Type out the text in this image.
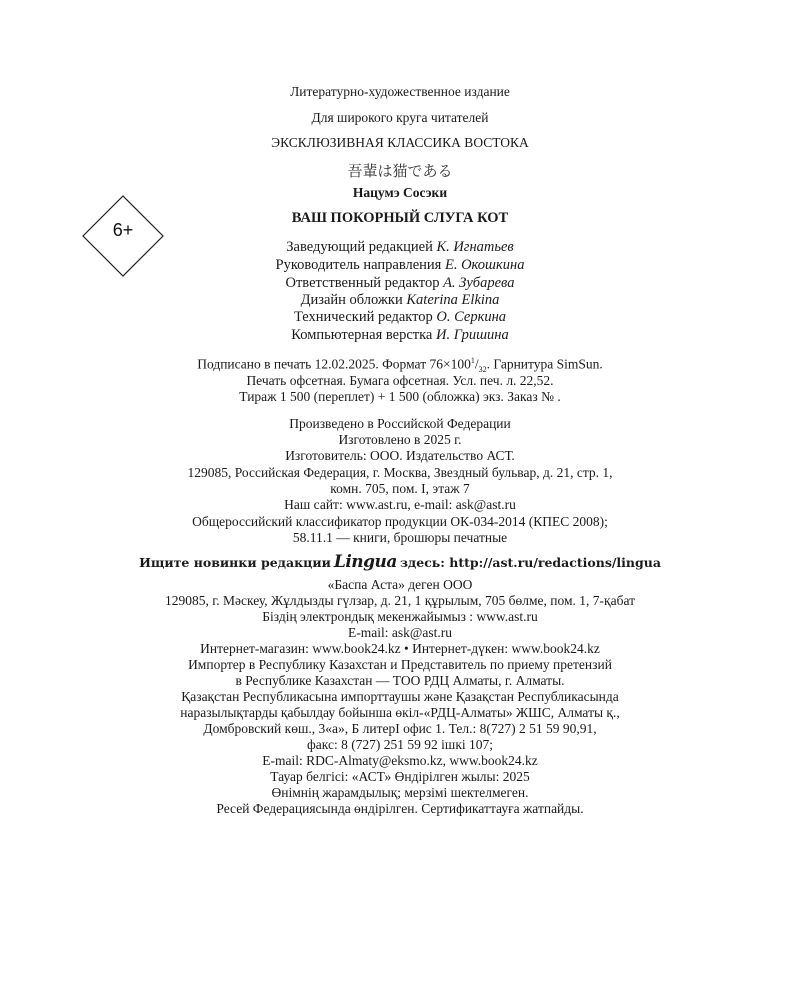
Литературно-художественное издание
Для широкого круга читателей
ЭКСКЛЮЗИВНАЯ КЛАССИКА ВОСТОКА
吾輩は猫である
Нацумэ Сосэки
ВАШ ПОКОРНЫЙ СЛУГА КОТ
6+
Заведующий редакцией К. Игнатьев
Руководитель направления Е. Окошкина
Ответственный редактор А. Зубарева
Дизайн обложки Katerina Elkina
Технический редактор О. Серкина
Компьютерная верстка И. Гришина
Подписано в печать 12.02.2025. Формат $76\times 100^1/_{32}$. Гарнитура SimSun.
Печать офсетная. Бумага офсетная. Усл. печ. л. 22,52.
Тираж 1 500 (переплет) + 1 500 (обложка) экз. Заказ № .
Произведено в Российской Федерации
Изготовлено в 2025 г.
Изготовитель: ООО. Издательство АСТ.
129085, Российская Федерация, г. Москва, Звездный бульвар, д. 21, стр. 1,
комн. 705, пом. I, этаж 7
Наш сайт: www.ast.ru, e-mail: ask@ast.ru
Общероссийский классификатор продукции ОК-034-2014 (КПЕС 2008);
58.11.1 — книги, брошюры печатные
Ищите новинки редакции Lingua здесь: http://ast.ru/redactions/lingua
«Баспа Аста» деген ООО
129085, г. Мәскеу, Жұлдызды гүлзар, д. 21, 1 құрылым, 705 бөлме, пом. 1, 7-қабат
Біздің электрондық мекенжайымыз : www.ast.ru
E-mail: ask@ast.ru
Интернет-магазин: www.book24.kz • Интернет-дүкен: www.book24.kz
Импортер в Республику Казахстан и Представитель по приему претензий
в Республике Казахстан — ТОО РДЦ Алматы, г. Алматы.
Қазақстан Республикасына импорттаушы және Қазақстан Республикасында
наразылықтарды қабылдау бойынша өкіл-«РДЦ-Алматы» ЖШС, Алматы қ.,
Домбровский көш., 3«а», Б литерI офис 1. Тел.: 8(727) 2 51 59 90,91,
факс: 8 (727) 251 59 92 ішкі 107;
E-mail: RDC-Almaty@eksmo.kz, www.book24.kz
Тауар белгісі: «АСТ» Өндірілген жылы: 2025
Өнімнің жарамдылық; мерзімі шектелмеген.
Ресей Федерациясында өндірілген. Сертификаттауға жатпайды.
